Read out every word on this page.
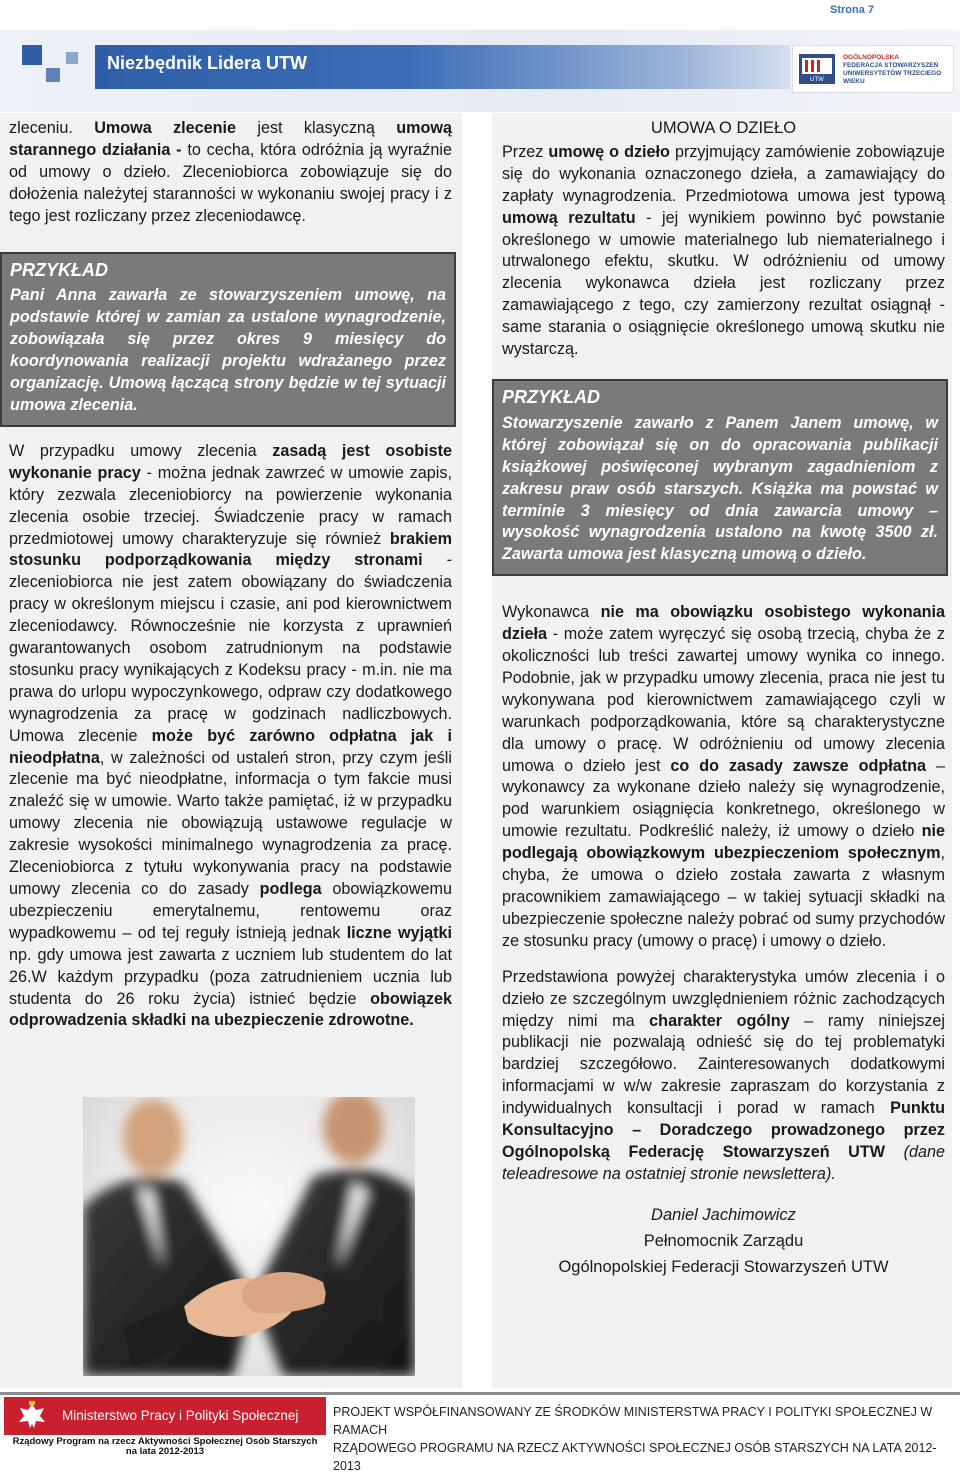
Strona 7
Niezbędnik Lidera UTW
UTW
OGÓLNOPOLSKA
FEDERACJA STOWARZYSZEŃ
UNIWERSYTETÓW TRZECIEGO WIEKU

zleceniu. Umowa zlecenie jest klasyczną umową starannego działania - to cecha, która odróżnia ją wyraźnie od umowy o dzieło. Zleceniobiorca zobowiązuje się do dołożenia należytej staranności w wykonaniu swojej pracy i z tego jest rozliczany przez zleceniodawcę.

PRZYKŁAD

Pani Anna zawarła ze stowarzyszeniem umowę, na podstawie której w zamian za ustalone wynagrodzenie, zobowiązała się przez okres 9 miesięcy do koordynowania realizacji projektu wdrażanego przez organizację. Umową łączącą strony będzie w tej sytuacji umowa zlecenia.

W przypadku umowy zlecenia zasadą jest osobiste wykonanie pracy - można jednak zawrzeć w umowie zapis, który zezwala zleceniobiorcy na powierzenie wykonania zlecenia osobie trzeciej. Świadczenie pracy w ramach przedmiotowej umowy charakteryzuje się również brakiem stosunku podporządkowania między stronami - zleceniobiorca nie jest zatem obowiązany do świadczenia pracy w określonym miejscu i czasie, ani pod kierownictwem zleceniodawcy. Równocześnie nie korzysta z uprawnień gwarantowanych osobom zatrudnionym na podstawie stosunku pracy wynikających z Kodeksu pracy - m.in. nie ma prawa do urlopu wypoczynkowego, odpraw czy dodatkowego wynagrodzenia za pracę w godzinach nadliczbowych. Umowa zlecenie może być zarówno odpłatna jak i nieodpłatna, w zależności od ustaleń stron, przy czym jeśli zlecenie ma być nieodpłatne, informacja o tym fakcie musi znaleźć się w umowie. Warto także pamiętać, iż w przypadku umowy zlecenia nie obowiązują ustawowe regulacje w zakresie wysokości minimalnego wynagrodzenia za pracę. Zleceniobiorca z tytułu wykonywania pracy na podstawie umowy zlecenia co do zasady podlega obowiązkowemu ubezpieczeniu emerytalnemu, rentowemu oraz wypadkowemu – od tej reguły istnieją jednak liczne wyjątki np. gdy umowa jest zawarta z uczniem lub studentem do lat 26.W każdym przypadku (poza zatrudnieniem ucznia lub studenta do 26 roku życia) istnieć będzie obowiązek odprowadzenia składki na ubezpieczenie zdrowotne.

UMOWA O DZIEŁO

Przez umowę o dzieło przyjmujący zamówienie zobowiązuje się do wykonania oznaczonego dzieła, a zamawiający do zapłaty wynagrodzenia. Przedmiotowa umowa jest typową umową rezultatu - jej wynikiem powinno być powstanie określonego w umowie materialnego lub niematerialnego i utrwalonego efektu, skutku. W odróżnieniu od umowy zlecenia wykonawca dzieła jest rozliczany przez zamawiającego z tego, czy zamierzony rezultat osiągnął - same starania o osiągnięcie określonego umową skutku nie wystarczą.

PRZYKŁAD

Stowarzyszenie zawarło z Panem Janem umowę, w której zobowiązał się on do opracowania publikacji książkowej poświęconej wybranym zagadnieniom z zakresu praw osób starszych. Książka ma powstać w terminie 3 miesięcy od dnia zawarcia umowy – wysokość wynagrodzenia ustalono na kwotę 3500 zł. Zawarta umowa jest klasyczną umową o dzieło.

Wykonawca nie ma obowiązku osobistego wykonania dzieła - może zatem wyręczyć się osobą trzecią, chyba że z okoliczności lub treści zawartej umowy wynika co innego. Podobnie, jak w przypadku umowy zlecenia, praca nie jest tu wykonywana pod kierownictwem zamawiającego czyli w warunkach podporządkowania, które są charakterystyczne dla umowy o pracę. W odróżnieniu od umowy zlecenia umowa o dzieło jest co do zasady zawsze odpłatna – wykonawcy za wykonane dzieło należy się wynagrodzenie, pod warunkiem osiągnięcia konkretnego, określonego w umowie rezultatu. Podkreślić należy, iż umowy o dzieło nie podlegają obowiązkowym ubezpieczeniom społecznym, chyba, że umowa o dzieło została zawarta z własnym pracownikiem zamawiającego – w takiej sytuacji składki na ubezpieczenie społeczne należy pobrać od sumy przychodów ze stosunku pracy (umowy o pracę) i umowy o dzieło.

Przedstawiona powyżej charakterystyka umów zlecenia i o dzieło ze szczególnym uwzględnieniem różnic zachodzących między nimi ma charakter ogólny – ramy niniejszej publikacji nie pozwalają odnieść się do tej problematyki bardziej szczegółowo. Zainteresowanych dodatkowymi informacjami w w/w zakresie zapraszam do korzystania z indywidualnych konsultacji i porad w ramach Punktu Konsultacyjno – Doradczego prowadzonego przez Ogólnopolską Federację Stowarzyszeń UTW (dane teleadresowe na ostatniej stronie newslettera).

Daniel Jachimowicz
Pełnomocnik Zarządu
Ogólnopolskiej Federacji Stowarzyszeń UTW
Ministerstwo Pracy i Polityki Społecznej
Rządowy Program na rzecz Aktywności Społecznej Osób Starszych
na lata 2012-2013
PROJEKT WSPÓŁFINANSOWANY ZE ŚRODKÓW MINISTERSTWA PRACY I POLITYKI SPOŁECZNEJ W RAMACH
RZĄDOWEGO PROGRAMU NA RZECZ AKTYWNOŚCI SPOŁECZNEJ OSÓB STARSZYCH NA LATA 2012-2013
